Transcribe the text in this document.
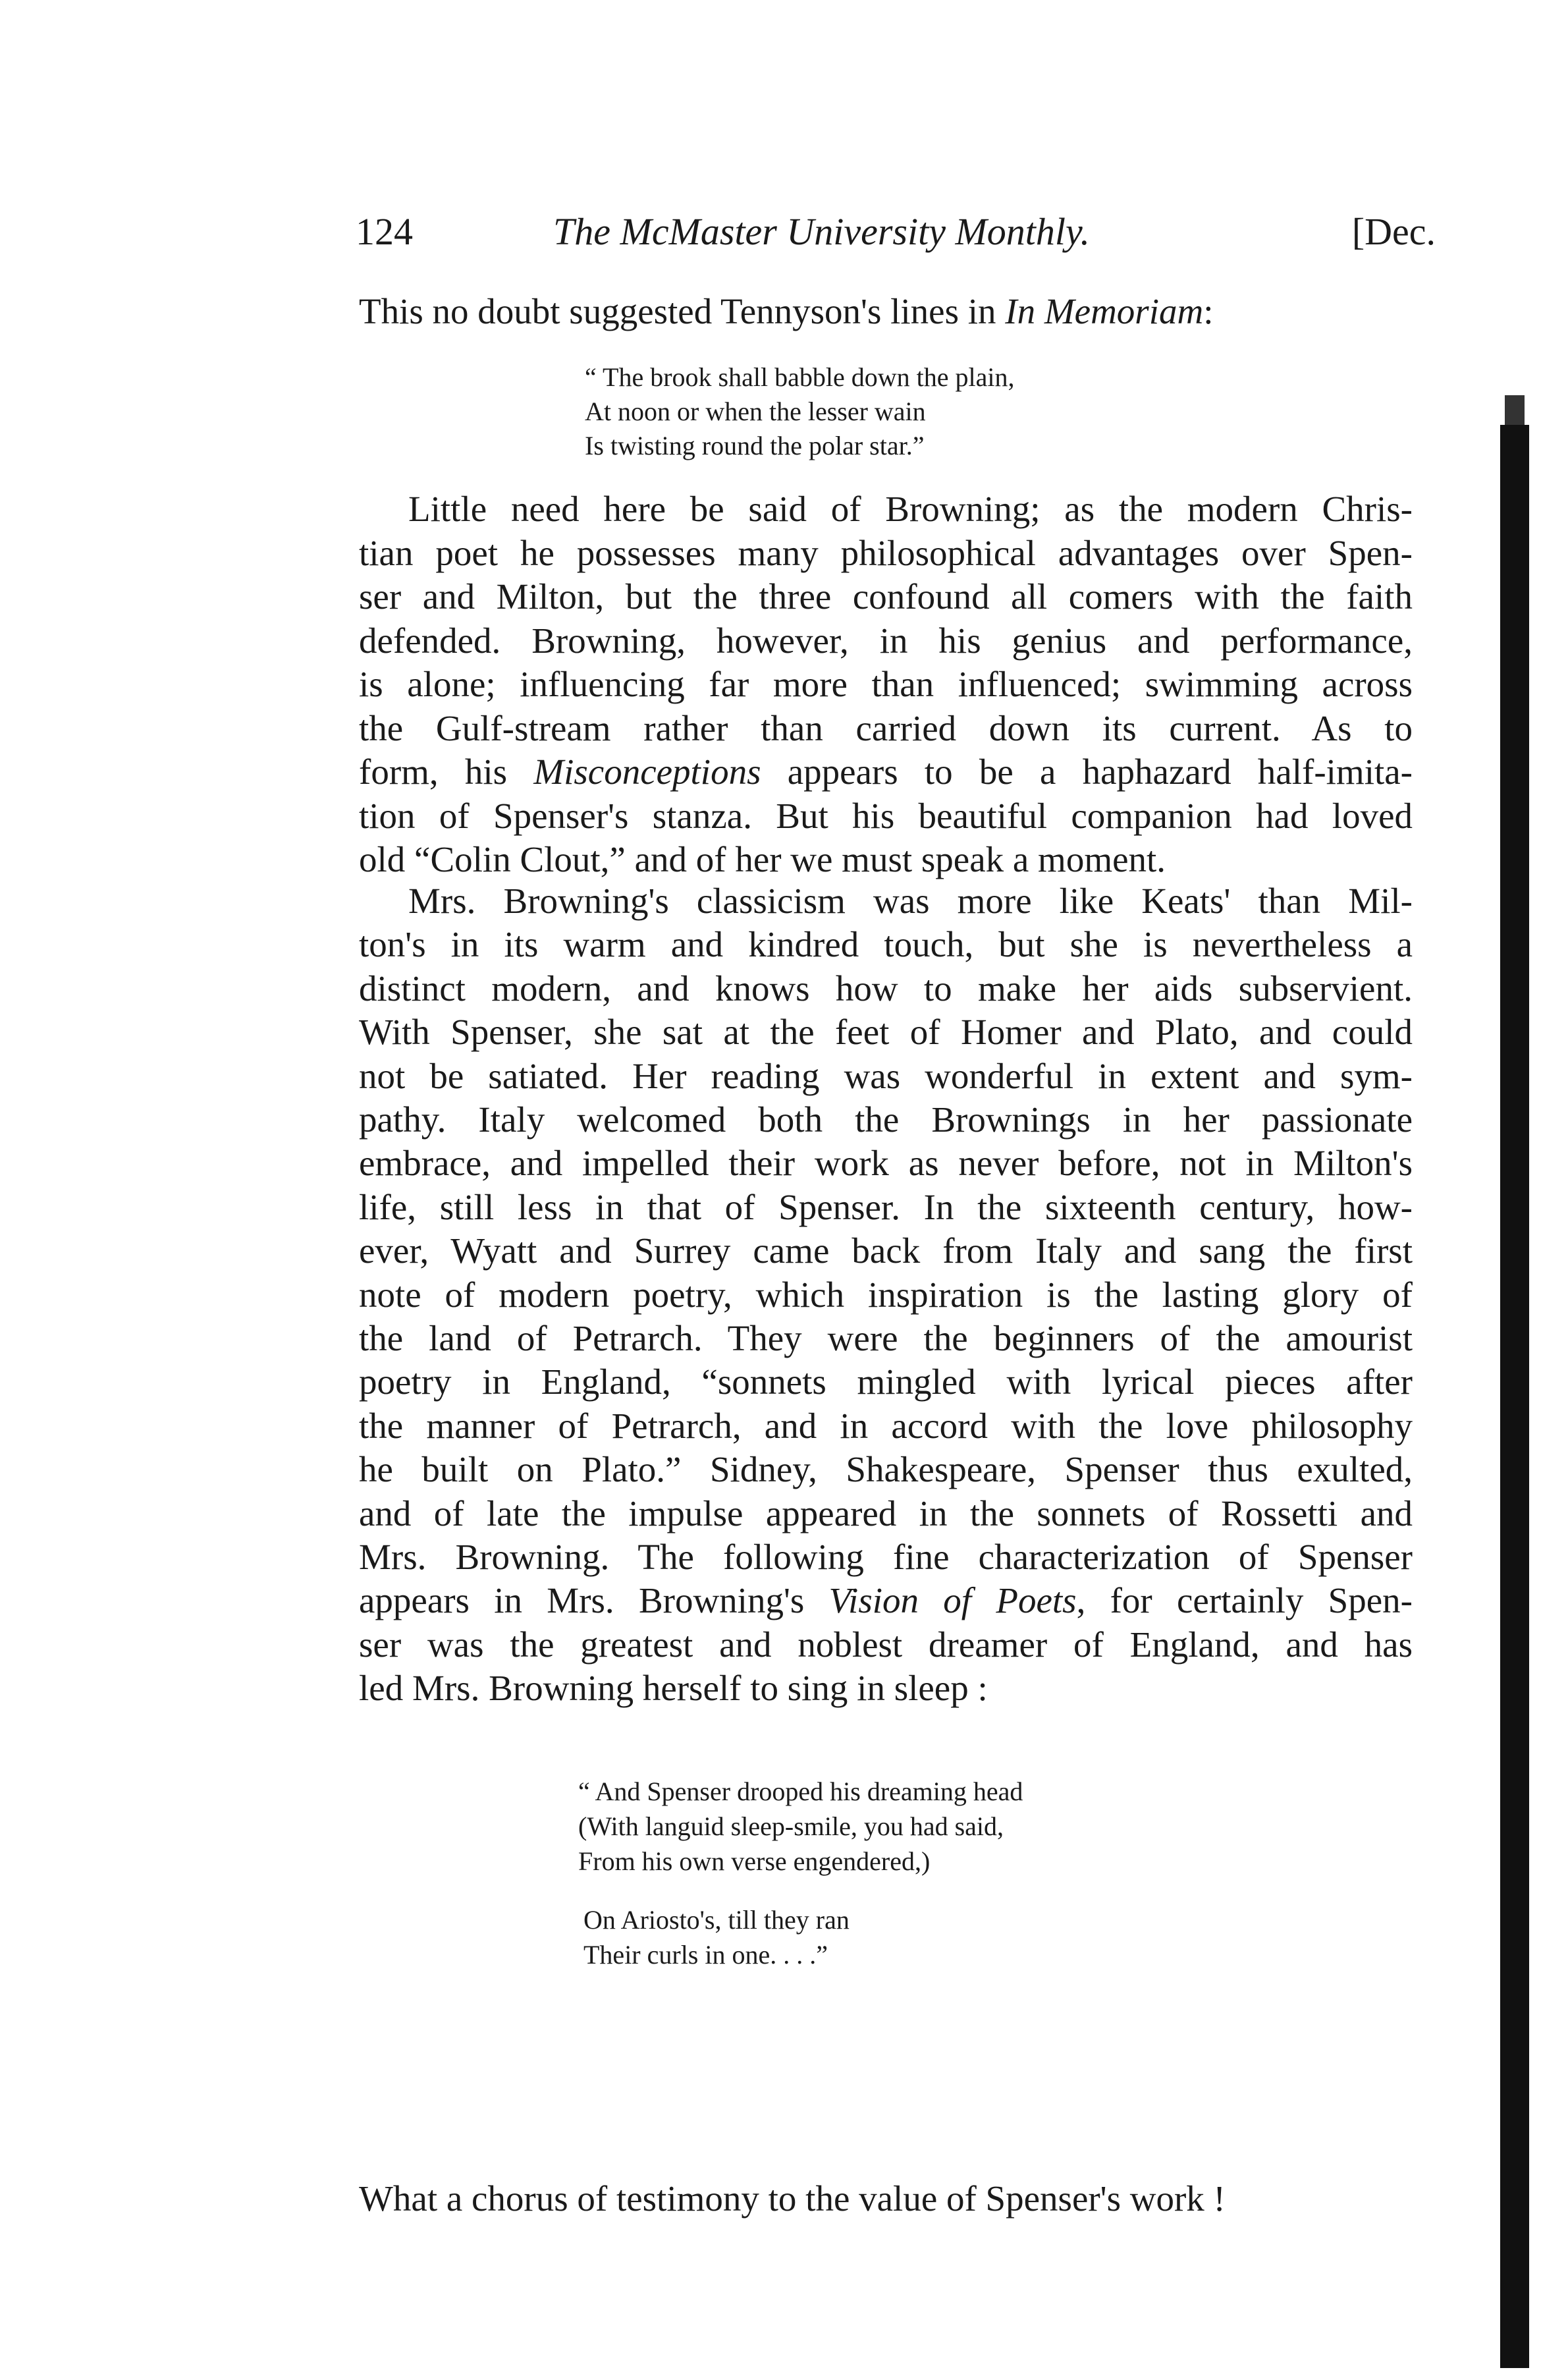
124	The McMaster University Monthly.	[Dec.
This no doubt suggested Tennyson's lines in In Memoriam:
“ The brook shall babble down the plain,
At noon or when the lesser wain
Is twisting round the polar star.”
Little need here be said of Browning; as the modern Chris-
tian poet he possesses many philosophical advantages over Spen-
ser and Milton, but the three confound all comers with the faith
defended. Browning, however, in his genius and performance,
is alone; influencing far more than influenced; swimming across
the Gulf-stream rather than carried down its current. As to
form, his Misconceptions appears to be a haphazard half-imita-
tion of Spenser's stanza. But his beautiful companion had loved
old “Colin Clout,” and of her we must speak a moment.
Mrs. Browning's classicism was more like Keats' than Mil-
ton's in its warm and kindred touch, but she is nevertheless a
distinct modern, and knows how to make her aids subservient.
With Spenser, she sat at the feet of Homer and Plato, and could
not be satiated. Her reading was wonderful in extent and sym-
pathy. Italy welcomed both the Brownings in her passionate
embrace, and impelled their work as never before, not in Milton's
life, still less in that of Spenser. In the sixteenth century, how-
ever, Wyatt and Surrey came back from Italy and sang the first
note of modern poetry, which inspiration is the lasting glory of
the land of Petrarch. They were the beginners of the amourist
poetry in England, “sonnets mingled with lyrical pieces after
the manner of Petrarch, and in accord with the love philosophy
he built on Plato.” Sidney, Shakespeare, Spenser thus exulted,
and of late the impulse appeared in the sonnets of Rossetti and
Mrs. Browning. The following fine characterization of Spenser
appears in Mrs. Browning's Vision of Poets, for certainly Spen-
ser was the greatest and noblest dreamer of England, and has
led Mrs. Browning herself to sing in sleep :
“ And Spenser drooped his dreaming head
(With languid sleep-smile, you had said,
From his own verse engendered,)
On Ariosto's, till they ran
Their curls in one. . . .”
What a chorus of testimony to the value of Spenser's work !
